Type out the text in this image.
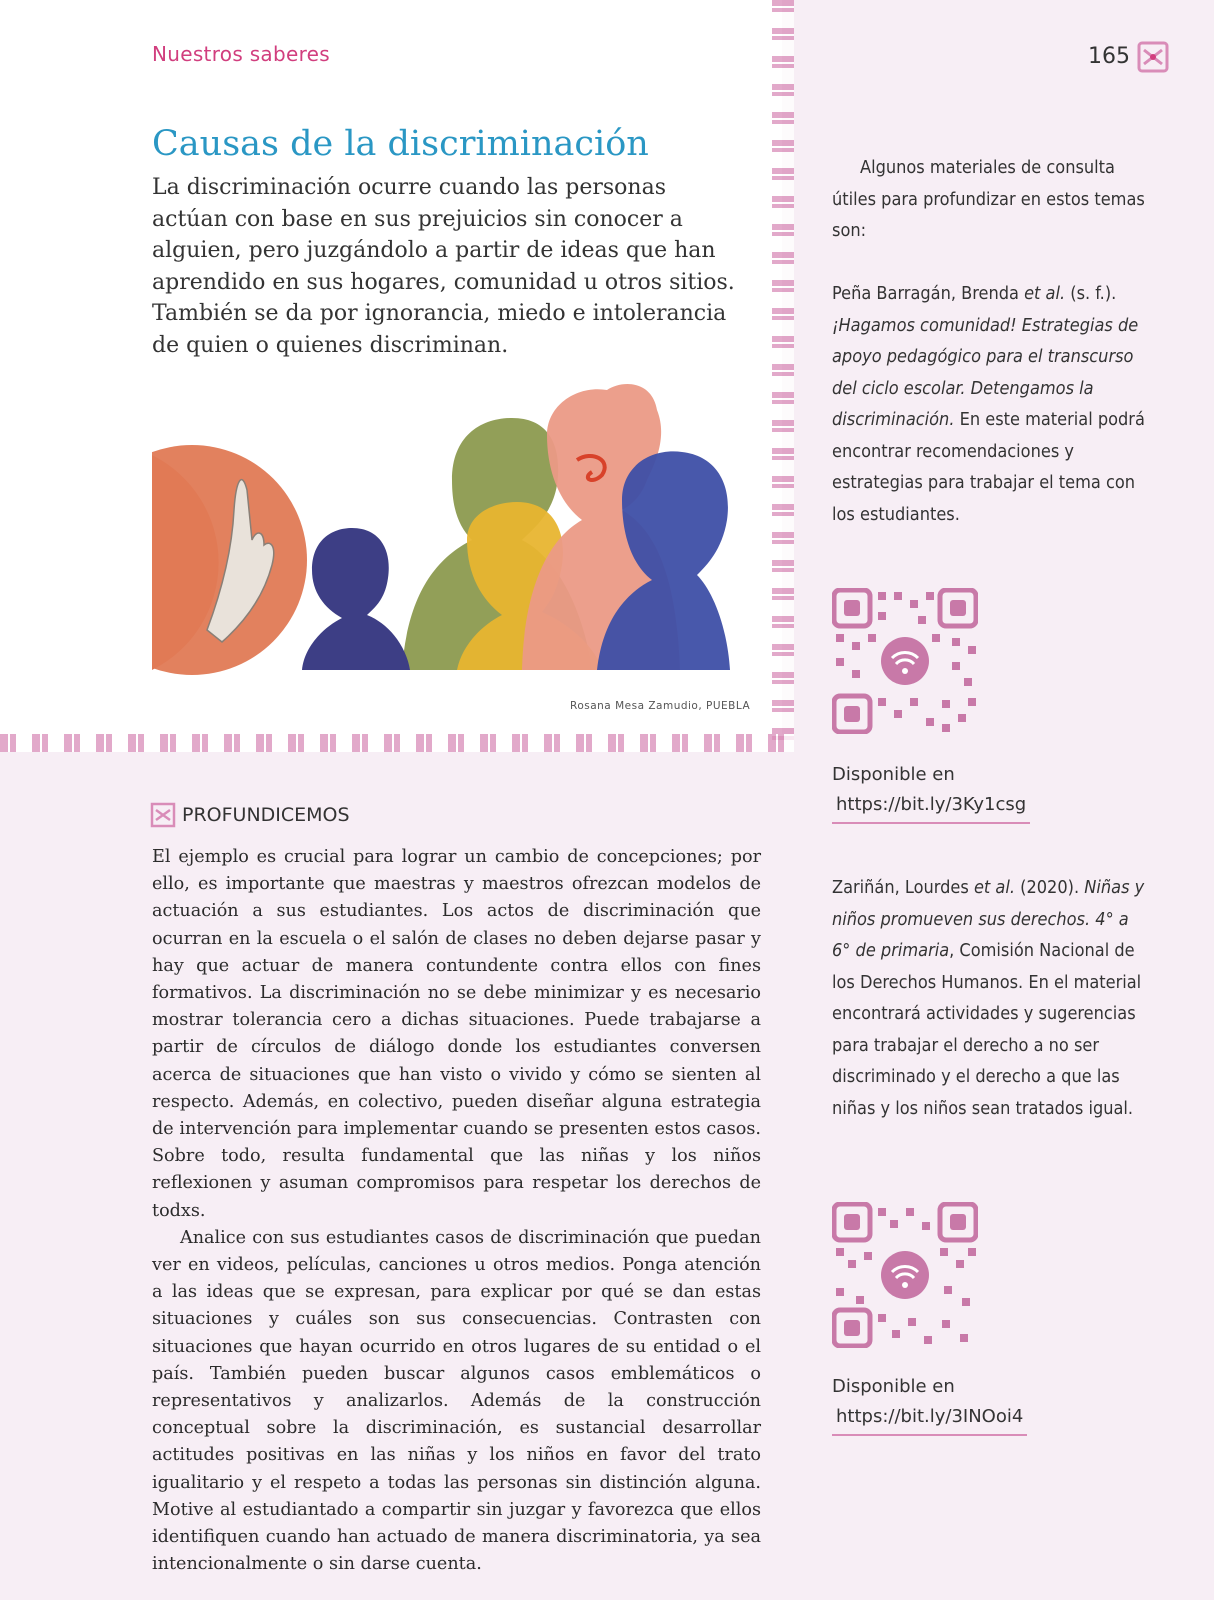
Nuestros saberes	165
Causas de la discriminación

La discriminación ocurre cuando las personas actúan con base en sus prejuicios sin conocer a alguien, pero juzgándolo a partir de ideas que han aprendido en sus hogares, comunidad u otros sitios. También se da por ignorancia, miedo e intolerancia de quien o quienes discriminan.

Rosana Mesa Zamudio, PUEBLA
PROFUNDICEMOS

El ejemplo es crucial para lograr un cambio de concepciones; por ello, es importante que maestras y maestros ofrezcan modelos de actuación a sus estudiantes. Los actos de discriminación que ocurran en la escuela o el salón de clases no deben dejarse pasar y hay que actuar de manera contundente contra ellos con fines formativos. La discriminación no se debe minimizar y es necesario mostrar tolerancia cero a dichas situaciones. Puede trabajarse a partir de círculos de diálogo donde los estudiantes conversen acerca de situaciones que han visto o vivido y cómo se sienten al respecto. Además, en colectivo, pueden diseñar alguna estrategia de intervención para implementar cuando se presenten estos casos. Sobre todo, resulta fundamental que las niñas y los niños reflexionen y asuman compromisos para respetar los derechos de todxs.

Analice con sus estudiantes casos de discriminación que puedan ver en videos, películas, canciones u otros medios. Ponga atención a las ideas que se expresan, para explicar por qué se dan estas situaciones y cuáles son sus consecuencias. Contrasten con situaciones que hayan ocurrido en otros lugares de su entidad o el país. También pueden buscar algunos casos emblemáticos o representativos y analizarlos. Además de la construcción conceptual sobre la discriminación, es sustancial desarrollar actitudes positivas en las niñas y los niños en favor del trato igualitario y el respeto a todas las personas sin distinción alguna. Motive al estudiantado a compartir sin juzgar y favorezca que ellos identifiquen cuando han actuado de manera discriminatoria, ya sea intencionalmente o sin darse cuenta.

Algunos materiales de consulta útiles para profundizar en estos temas son:

Peña Barragán, Brenda et al. (s. f.). ¡Hagamos comunidad! Estrategias de apoyo pedagógico para el transcurso del ciclo escolar. Detengamos la discriminación. En este material podrá encontrar recomendaciones y estrategias para trabajar el tema con los estudiantes.

Disponible en
https://bit.ly/3Ky1csg

Zariñán, Lourdes et al. (2020). Niñas y niños promueven sus derechos. 4° a 6° de primaria, Comisión Nacional de los Derechos Humanos. En el material encontrará actividades y sugerencias para trabajar el derecho a no ser discriminado y el derecho a que las niñas y los niños sean tratados igual.

Disponible en
https://bit.ly/3INOoi4
